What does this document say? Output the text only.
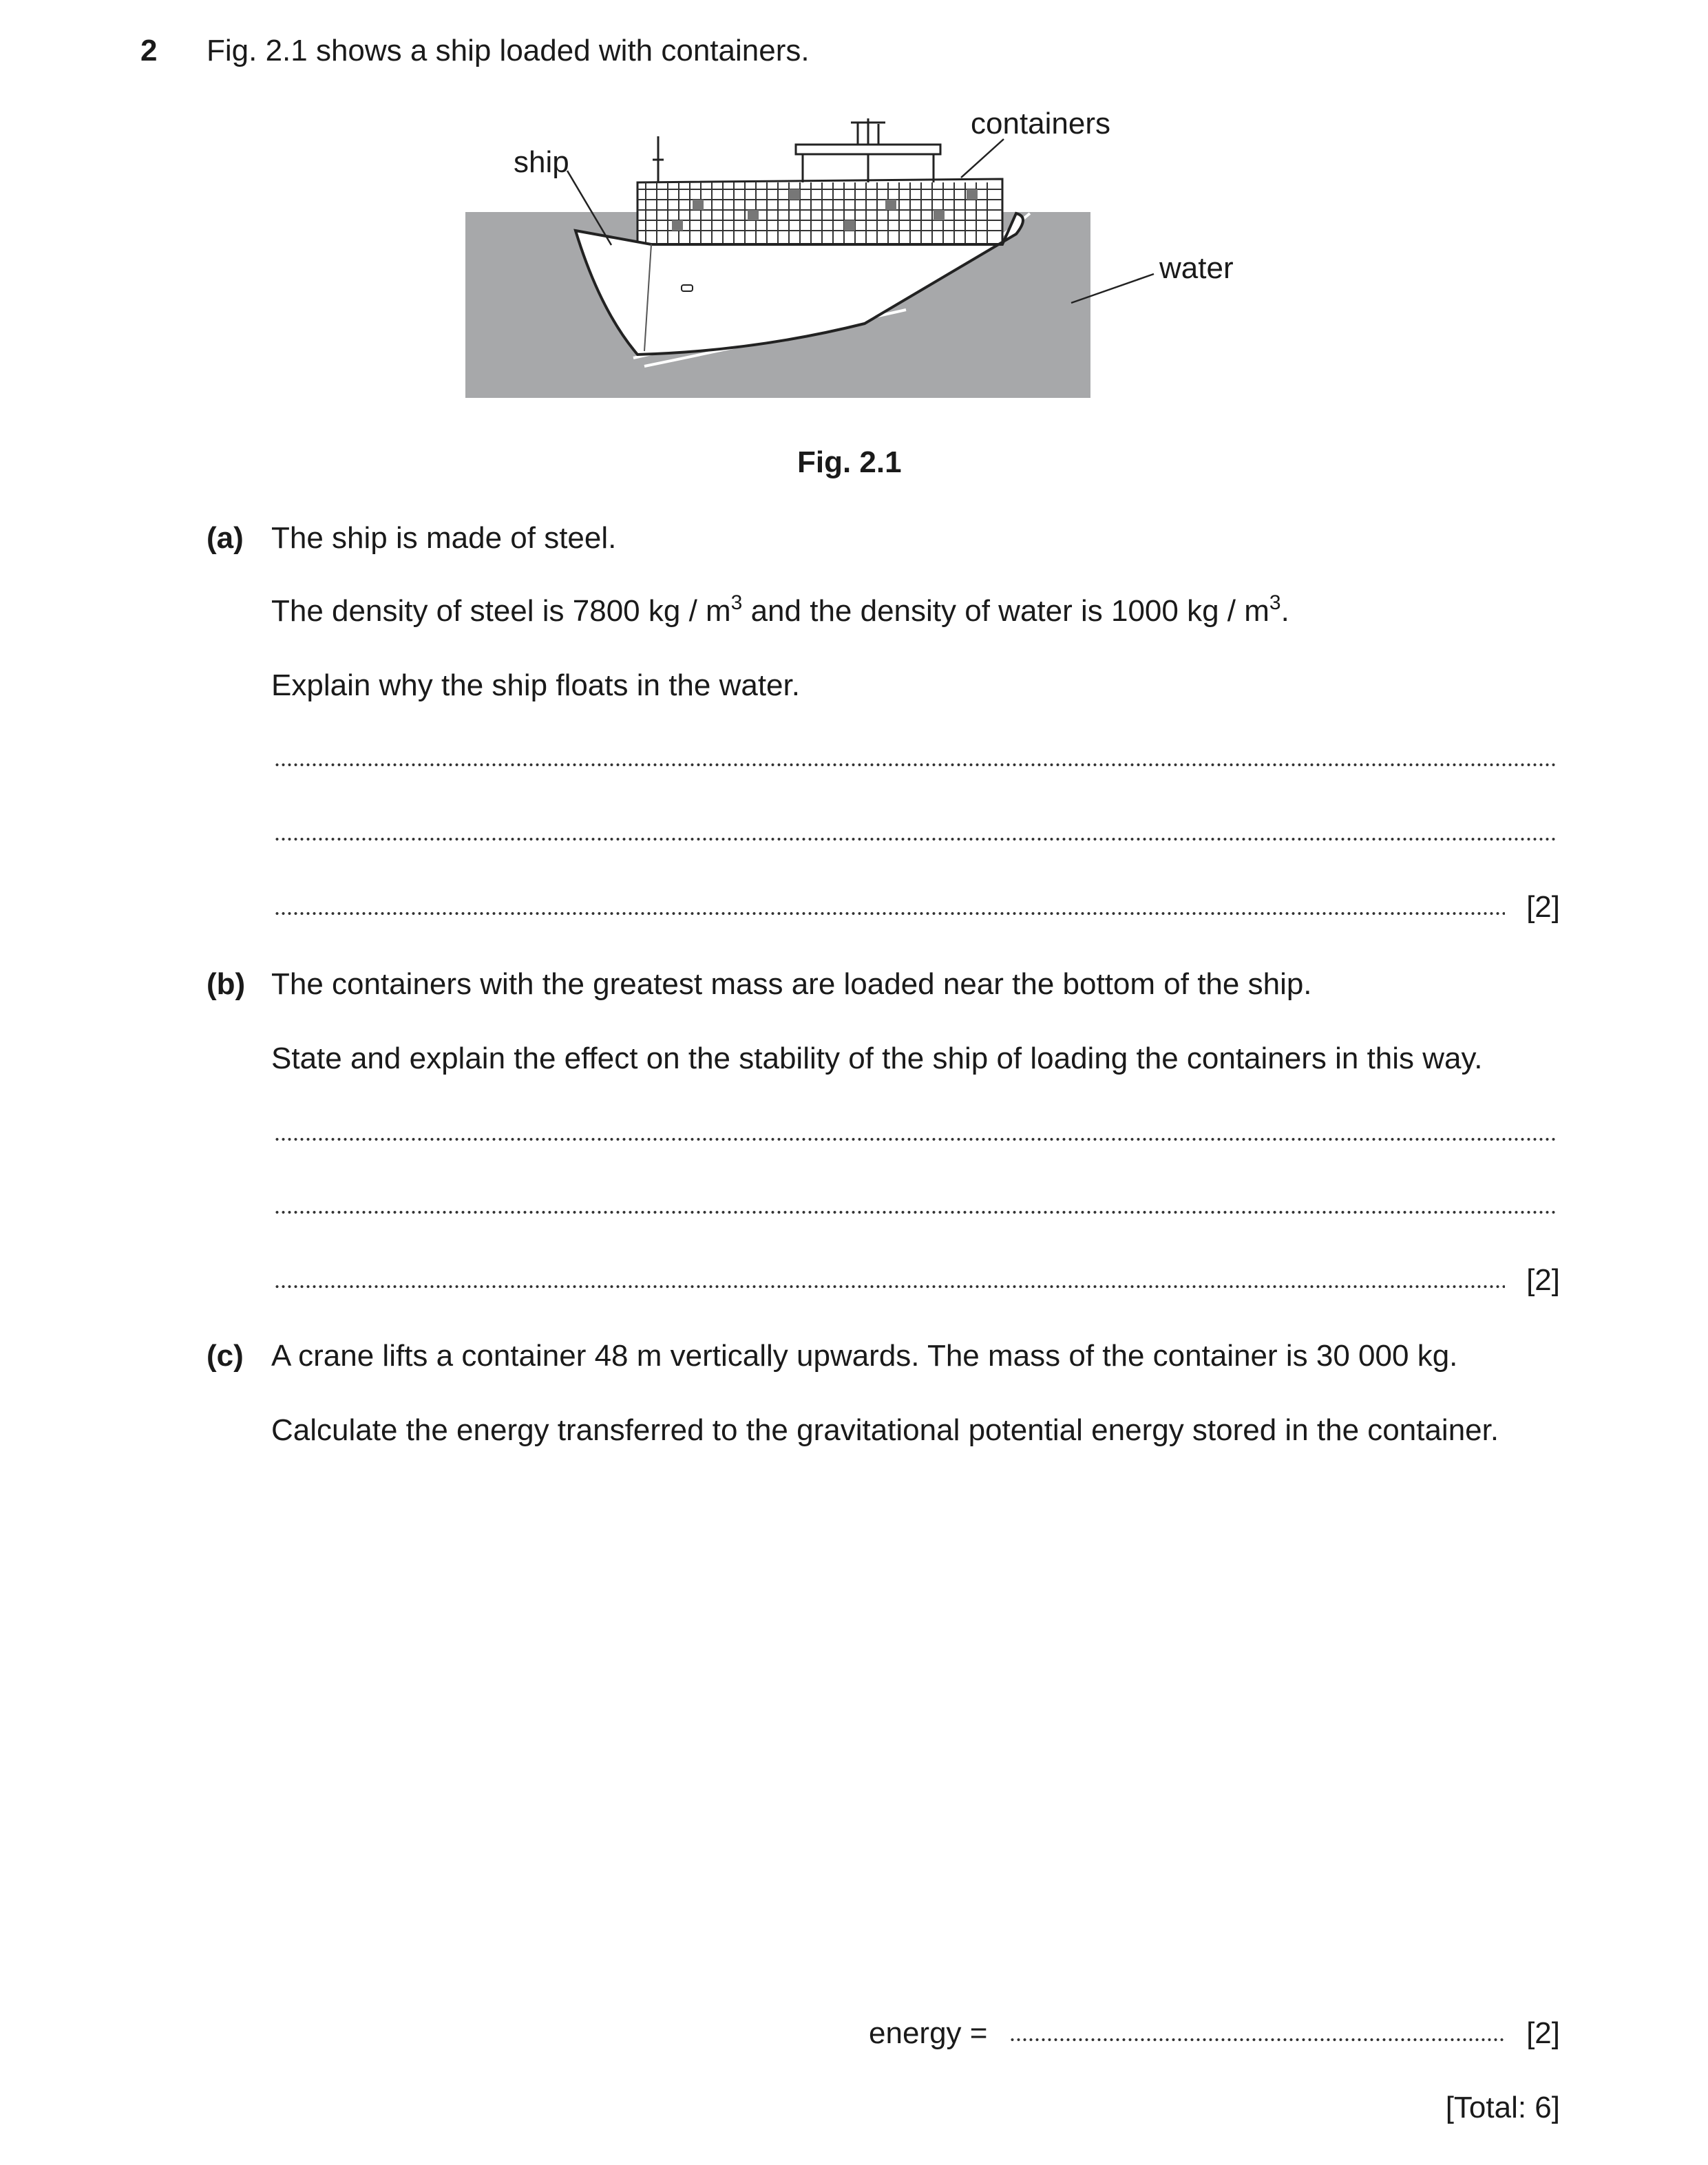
2 Fig. 2.1 shows a ship loaded with containers.
ship
containers
water
Fig. 2.1
(a) The ship is made of steel.
The density of steel is 7800 kg / $m^3$ and the density of water is 1000 kg / $m^3$.
Explain why the ship floats in the water.
[2]
(b) The containers with the greatest mass are loaded near the bottom of the ship.
State and explain the effect on the stability of the ship of loading the containers in this way.
[2]
(c) A crane lifts a container 48 m vertically upwards. The mass of the container is 30 000 kg.
Calculate the energy transferred to the gravitational potential energy stored in the container.
energy =	[2]
[Total: 6]
